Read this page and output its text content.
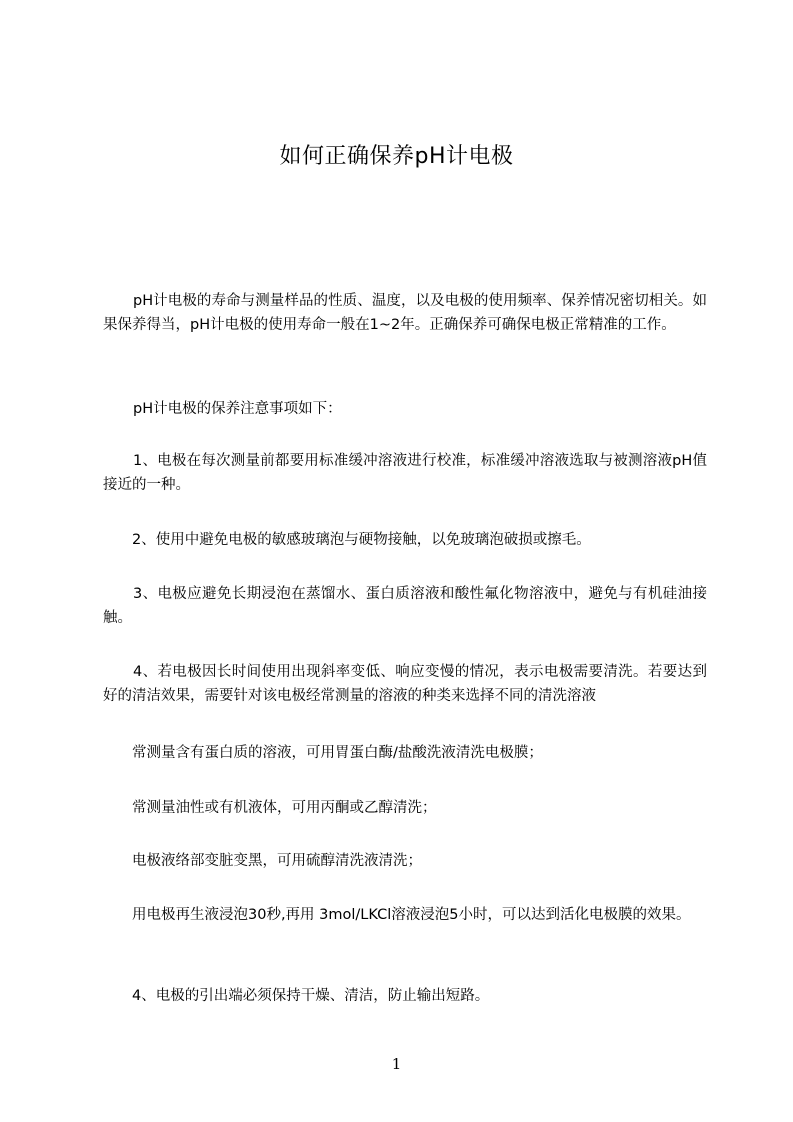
如何正确保养pH计电极

pH计电极的寿命与测量样品的性质、温度，以及电极的使用频率、保养情况密切相关。如果保养得当，pH计电极的使用寿命一般在1~2年。正确保养可确保电极正常精准的工作。

pH计电极的保养注意事项如下：

1、电极在每次测量前都要用标准缓冲溶液进行校准，标准缓冲溶液选取与被测溶液pH值接近的一种。

2、使用中避免电极的敏感玻璃泡与硬物接触，以免玻璃泡破损或擦毛。

3、电极应避免长期浸泡在蒸馏水、蛋白质溶液和酸性氟化物溶液中，避免与有机硅油接触。

4、若电极因长时间使用出现斜率变低、响应变慢的情况，表示电极需要清洗。若要达到好的清洁效果，需要针对该电极经常测量的溶液的种类来选择不同的清洗溶液

常测量含有蛋白质的溶液，可用胃蛋白酶/盐酸洗液清洗电极膜；

常测量油性或有机液体，可用丙酮或乙醇清洗；

电极液络部变脏变黑，可用硫醇清洗液清洗；

用电极再生液浸泡30秒,再用 3mol/LKCl溶液浸泡5小时，可以达到活化电极膜的效果。

4、电极的引出端必须保持干燥、清洁，防止输出短路。

1
